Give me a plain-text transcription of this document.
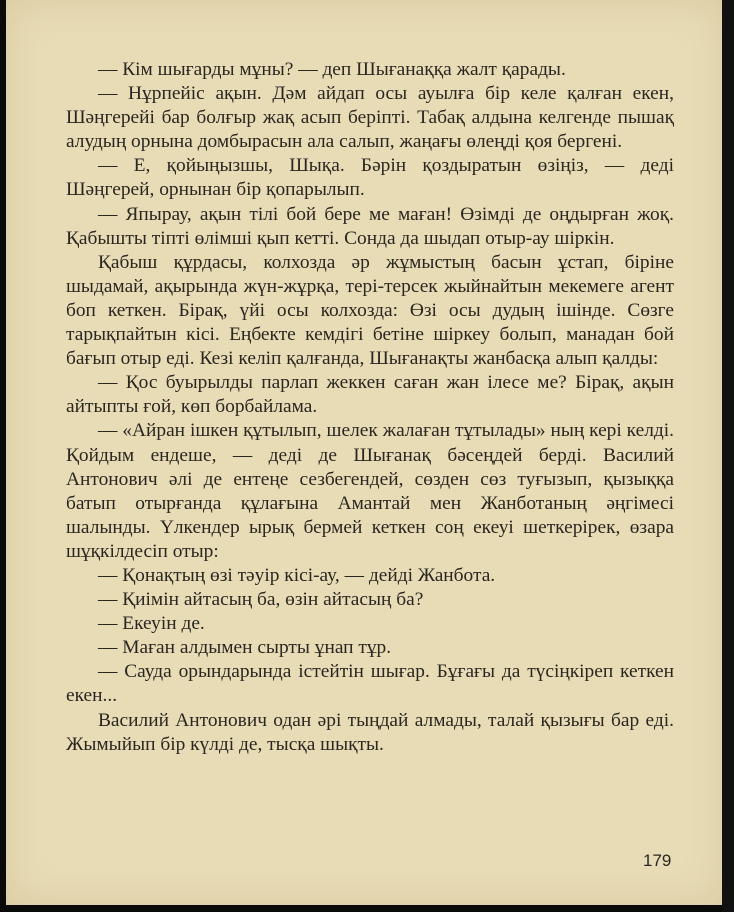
— Кім шығарды мұны? — деп Шығанаққа жалт қарады.

— Нұрпейіс ақын. Дәм айдап осы ауылға бір келе қалған екен, Шәңгерейі бар болғыр жақ асып беріпті. Табақ алдына келгенде пышақ алудың орнына домбырасын ала салып, жаңағы өлеңді қоя бергені.

— Е, қойыңызшы, Шықа. Бәрін қоздыратын өзіңіз, — деді Шәңгерей, орнынан бір қопарылып.

— Япырау, ақын тілі бой бере ме маған! Өзімді де оңдырған жоқ. Қабышты тіпті өлімші қып кетті. Сонда да шыдап отыр-ау шіркін.

Қабыш құрдасы, колхозда әр жұмыстың басын ұстап, біріне шыдамай, ақырында жүн-жұрқа, тері-терсек жыйнайтын мекемеге агент боп кеткен. Бірақ, үйі осы колхозда: Өзі осы дудың ішінде. Сөзге тарықпайтын кісі. Еңбекте кемдігі бетіне шіркеу болып, манадан бой бағып отыр еді. Кезі келіп қалғанда, Шығанақты жанбасқа алып қалды:

— Қос буырылды парлап жеккен саған жан ілесе ме? Бірақ, ақын айтыпты ғой, көп борбайлама.

— «Айран ішкен құтылып, шелек жалаған тұтылады» ның кері келді. Қойдым ендеше, — деді де Шығанақ бәсеңдей берді. Василий Антонович әлі де ентеңе сезбегендей, сөзден сөз туғызып, қызыққа батып отырғанда құлағына Амантай мен Жанботаның әңгімесі шалынды. Үлкендер ырық бермей кеткен соң екеуі шеткерірек, өзара шұқкілдесіп отыр:

— Қонақтың өзі тәуір кісі-ау, — дейді Жанбота.

— Қиімін айтасың ба, өзін айтасың ба?

— Екеуін де.

— Маған алдымен сырты ұнап тұр.

— Сауда орындарында істейтін шығар. Бұғағы да түсіңкіреп кеткен екен...

Василий Антонович одан әрі тыңдай алмады, талай қызығы бар еді. Жымыйып бір күлді де, тысқа шықты.

179
